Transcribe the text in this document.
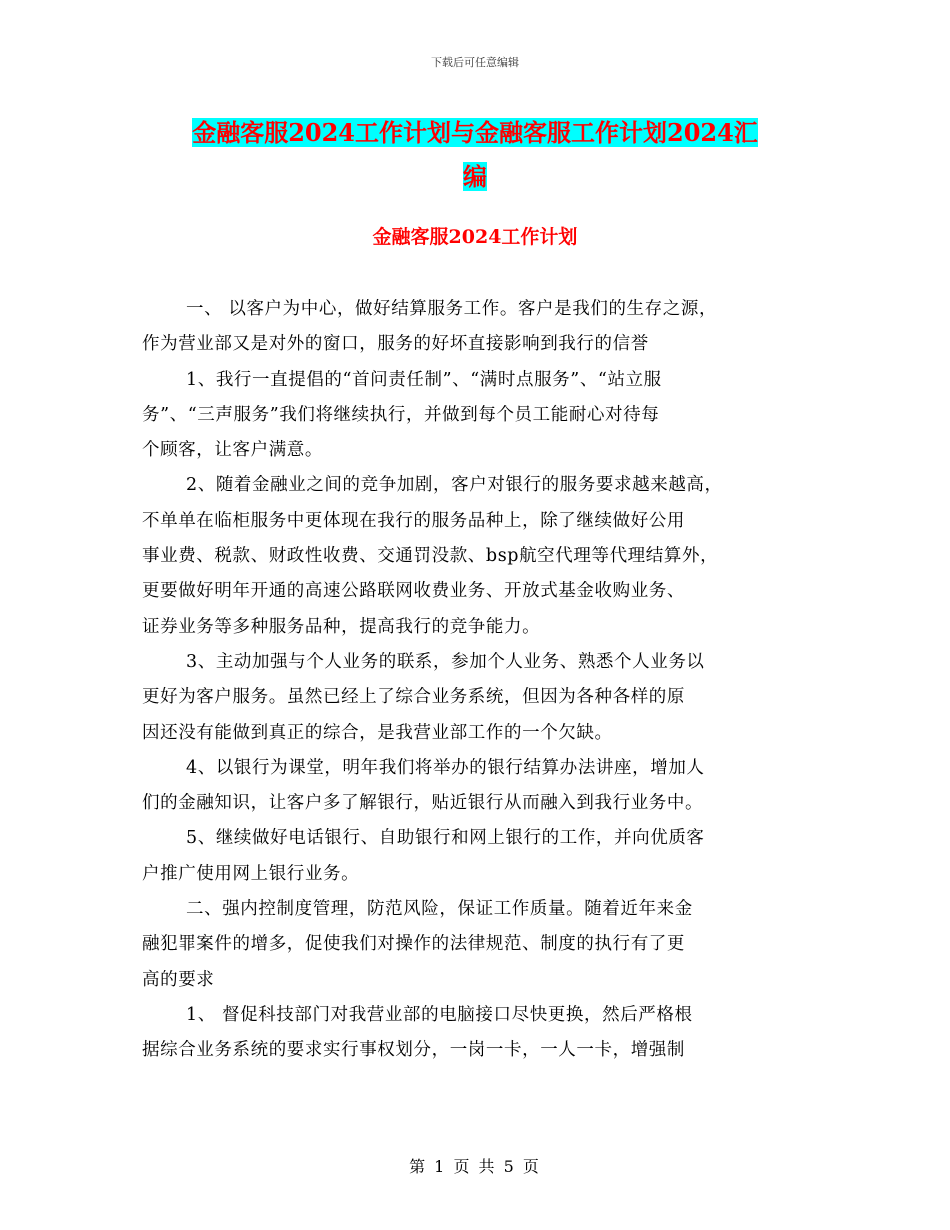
下载后可任意编辑
金融客服2024工作计划与金融客服工作计划2024汇
编
金融客服2024工作计划
一、 以客户为中心，做好结算服务工作。客户是我们的生存之源，
作为营业部又是对外的窗口，服务的好坏直接影响到我行的信誉
1、我行一直提倡的“首问责任制”、“满时点服务”、“站立服
务”、“三声服务”我们将继续执行，并做到每个员工能耐心对待每
个顾客，让客户满意。
2、随着金融业之间的竞争加剧，客户对银行的服务要求越来越高，
不单单在临柜服务中更体现在我行的服务品种上，除了继续做好公用
事业费、税款、财政性收费、交通罚没款、bsp航空代理等代理结算外，
更要做好明年开通的高速公路联网收费业务、开放式基金收购业务、
证券业务等多种服务品种，提高我行的竞争能力。
3、主动加强与个人业务的联系，参加个人业务、熟悉个人业务以
更好为客户服务。虽然已经上了综合业务系统，但因为各种各样的原
因还没有能做到真正的综合，是我营业部工作的一个欠缺。
4、以银行为课堂，明年我们将举办的银行结算办法讲座，增加人
们的金融知识，让客户多了解银行，贴近银行从而融入到我行业务中。
5、继续做好电话银行、自助银行和网上银行的工作，并向优质客
户推广使用网上银行业务。
二、强内控制度管理，防范风险，保证工作质量。随着近年来金
融犯罪案件的增多，促使我们对操作的法律规范、制度的执行有了更
高的要求
1、 督促科技部门对我营业部的电脑接口尽快更换，然后严格根
据综合业务系统的要求实行事权划分，一岗一卡，一人一卡，增强制
第 1 页 共 5 页
